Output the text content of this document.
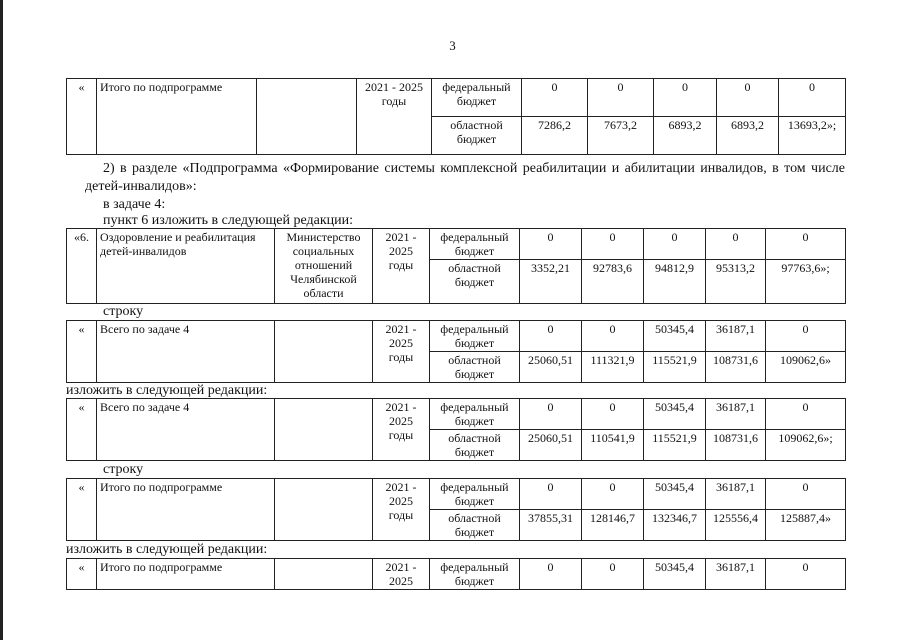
3
«	Итого по подпрограмме		2021 - 2025 годы	федеральный бюджет	0	0	0	0	0
				областной бюджет	7286,2	7673,2	6893,2	6893,2	13693,2»;
2) в разделе «Подпрограмма «Формирование системы комплексной реабилитации и абилитации инвалидов, в том числе детей-инвалидов»:
в задаче 4:
пункт 6 изложить в следующей редакции:
«6.	Оздоровление и реабилитация детей-инвалидов	Министерство социальных отношений Челябинской области	2021 - 2025 годы	федеральный бюджет	0	0	0	0	0
				областной бюджет	3352,21	92783,6	94812,9	95313,2	97763,6»;
строку
«	Всего по задаче 4		2021 - 2025 годы	федеральный бюджет	0	0	50345,4	36187,1	0
				областной бюджет	25060,51	111321,9	115521,9	108731,6	109062,6»
изложить в следующей редакции:
«	Всего по задаче 4		2021 - 2025 годы	федеральный бюджет	0	0	50345,4	36187,1	0
				областной бюджет	25060,51	110541,9	115521,9	108731,6	109062,6»;
строку
«	Итого по подпрограмме		2021 - 2025 годы	федеральный бюджет	0	0	50345,4	36187,1	0
				областной бюджет	37855,31	128146,7	132346,7	125556,4	125887,4»
изложить в следующей редакции:
«	Итого по подпрограмме		2021 - 2025	федеральный бюджет	0	0	50345,4	36187,1	0
